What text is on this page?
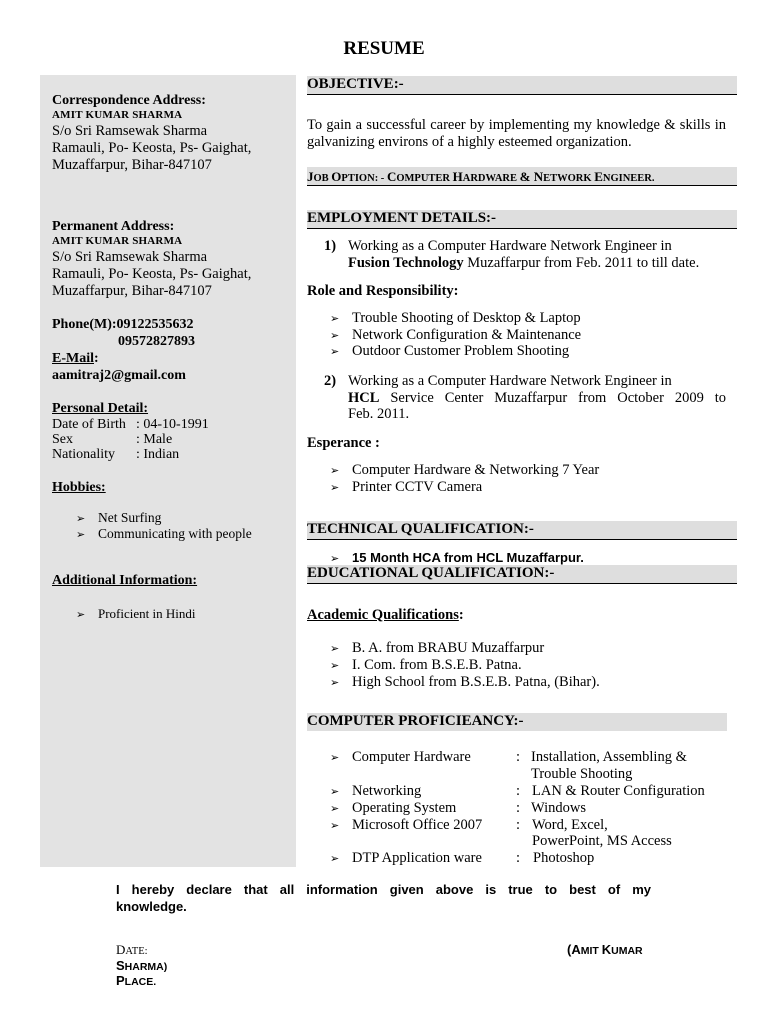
RESUME
Correspondence Address:
AMIT KUMAR SHARMA
S/o Sri Ramsewak Sharma
Ramauli, Po- Keosta, Ps- Gaighat,
Muzaffarpur, Bihar-847107
Permanent Address:
AMIT KUMAR SHARMA
S/o Sri Ramsewak Sharma
Ramauli, Po- Keosta, Ps- Gaighat,
Muzaffarpur, Bihar-847107
Phone(M):09122535632
09572827893
E-Mail:
aamitraj2@gmail.com
Personal Detail:
Date of Birth : 04-10-1991
Sex	: Male
Nationality : Indian
Hobbies:
➢ Net Surfing
➢ Communicating with people
Additional Information:
➢ Proficient in Hindi
OBJECTIVE:-
To gain a successful career by implementing my knowledge & skills in galvanizing environs of a highly esteemed organization.
JOB OPTION: - COMPUTER HARDWARE & NETWORK ENGINEER.
EMPLOYMENT DETAILS:-
1) Working as a Computer Hardware Network Engineer in
Fusion Technology Muzaffarpur from Feb. 2011 to till date.
Role and Responsibility:
➢ Trouble Shooting of Desktop & Laptop
➢ Network Configuration & Maintenance
➢ Outdoor Customer Problem Shooting
2) Working as a Computer Hardware Network Engineer in
HCL Service Center Muzaffarpur from October 2009 to
Feb. 2011.
Esperance :
➢ Computer Hardware & Networking 7 Year
➢ Printer CCTV Camera
TECHNICAL QUALIFICATION:-
➢ 15 Month HCA from HCL Muzaffarpur.
EDUCATIONAL QUALIFICATION:-
Academic Qualifications:
➢ B. A. from BRABU Muzaffarpur
➢ I. Com. from B.S.E.B. Patna.
➢ High School from B.S.E.B. Patna, (Bihar).
COMPUTER PROFICIEANCY:-
➢ Computer Hardware	: Installation, Assembling &
Trouble Shooting
➢ Networking	: LAN & Router Configuration
➢ Operating System	: Windows
➢ Microsoft Office 2007 : Word, Excel,
PowerPoint, MS Access
➢ DTP Application ware : Photoshop
I hereby declare that all information given above is true to best of my
knowledge.
DATE:	(AMIT KUMAR
SHARMA)
PLACE.
